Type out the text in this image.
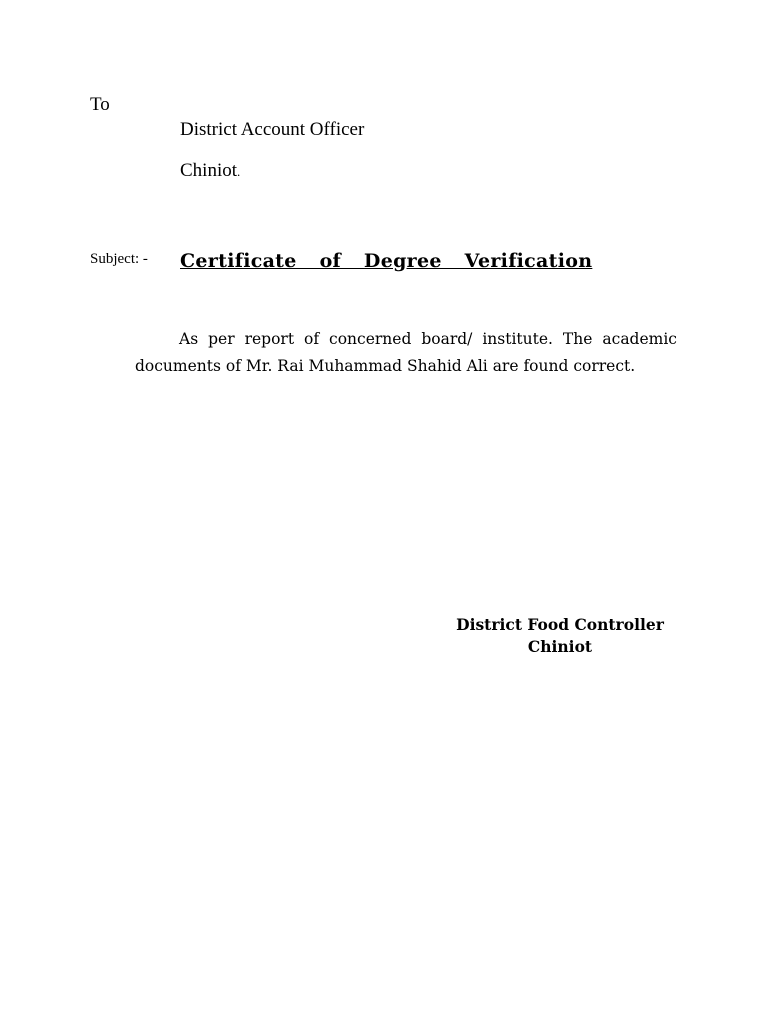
To
District Account Officer
Chiniot.
Subject: - Certificate of Degree Verification

As per report of concerned board/ institute. The academic documents of Mr. Rai Muhammad Shahid Ali are found correct.

District Food Controller
Chiniot
